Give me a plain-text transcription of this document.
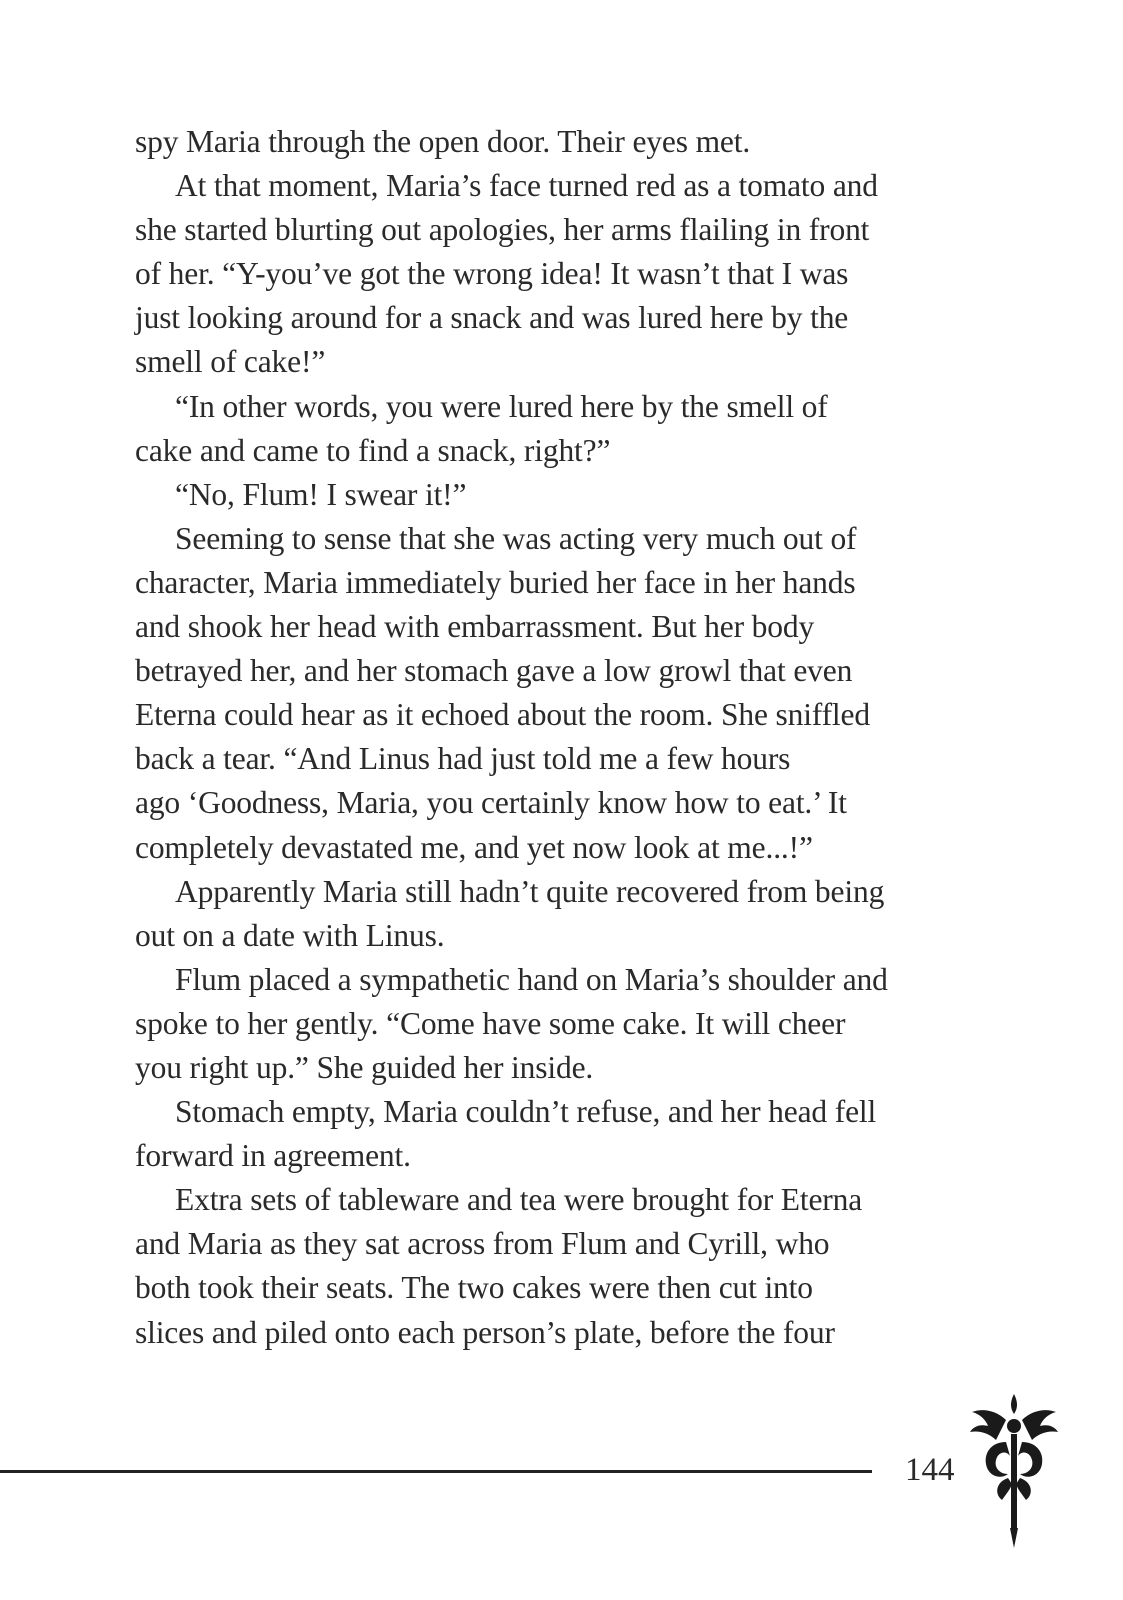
spy Maria through the open door. Their eyes met.
At that moment, Maria’s face turned red as a tomato and
she started blurting out apologies, her arms flailing in front
of her. “Y-you’ve got the wrong idea! It wasn’t that I was
just looking around for a snack and was lured here by the
smell of cake!”
“In other words, you were lured here by the smell of
cake and came to find a snack, right?”
“No, Flum! I swear it!”
Seeming to sense that she was acting very much out of
character, Maria immediately buried her face in her hands
and shook her head with embarrassment. But her body
betrayed her, and her stomach gave a low growl that even
Eterna could hear as it echoed about the room. She sniffled
back a tear. “And Linus had just told me a few hours
ago ‘Goodness, Maria, you certainly know how to eat.’ It
completely devastated me, and yet now look at me...!”
Apparently Maria still hadn’t quite recovered from being
out on a date with Linus.
Flum placed a sympathetic hand on Maria’s shoulder and
spoke to her gently. “Come have some cake. It will cheer
you right up.” She guided her inside.
Stomach empty, Maria couldn’t refuse, and her head fell
forward in agreement.
Extra sets of tableware and tea were brought for Eterna
and Maria as they sat across from Flum and Cyrill, who
both took their seats. The two cakes were then cut into
slices and piled onto each person’s plate, before the four
144
